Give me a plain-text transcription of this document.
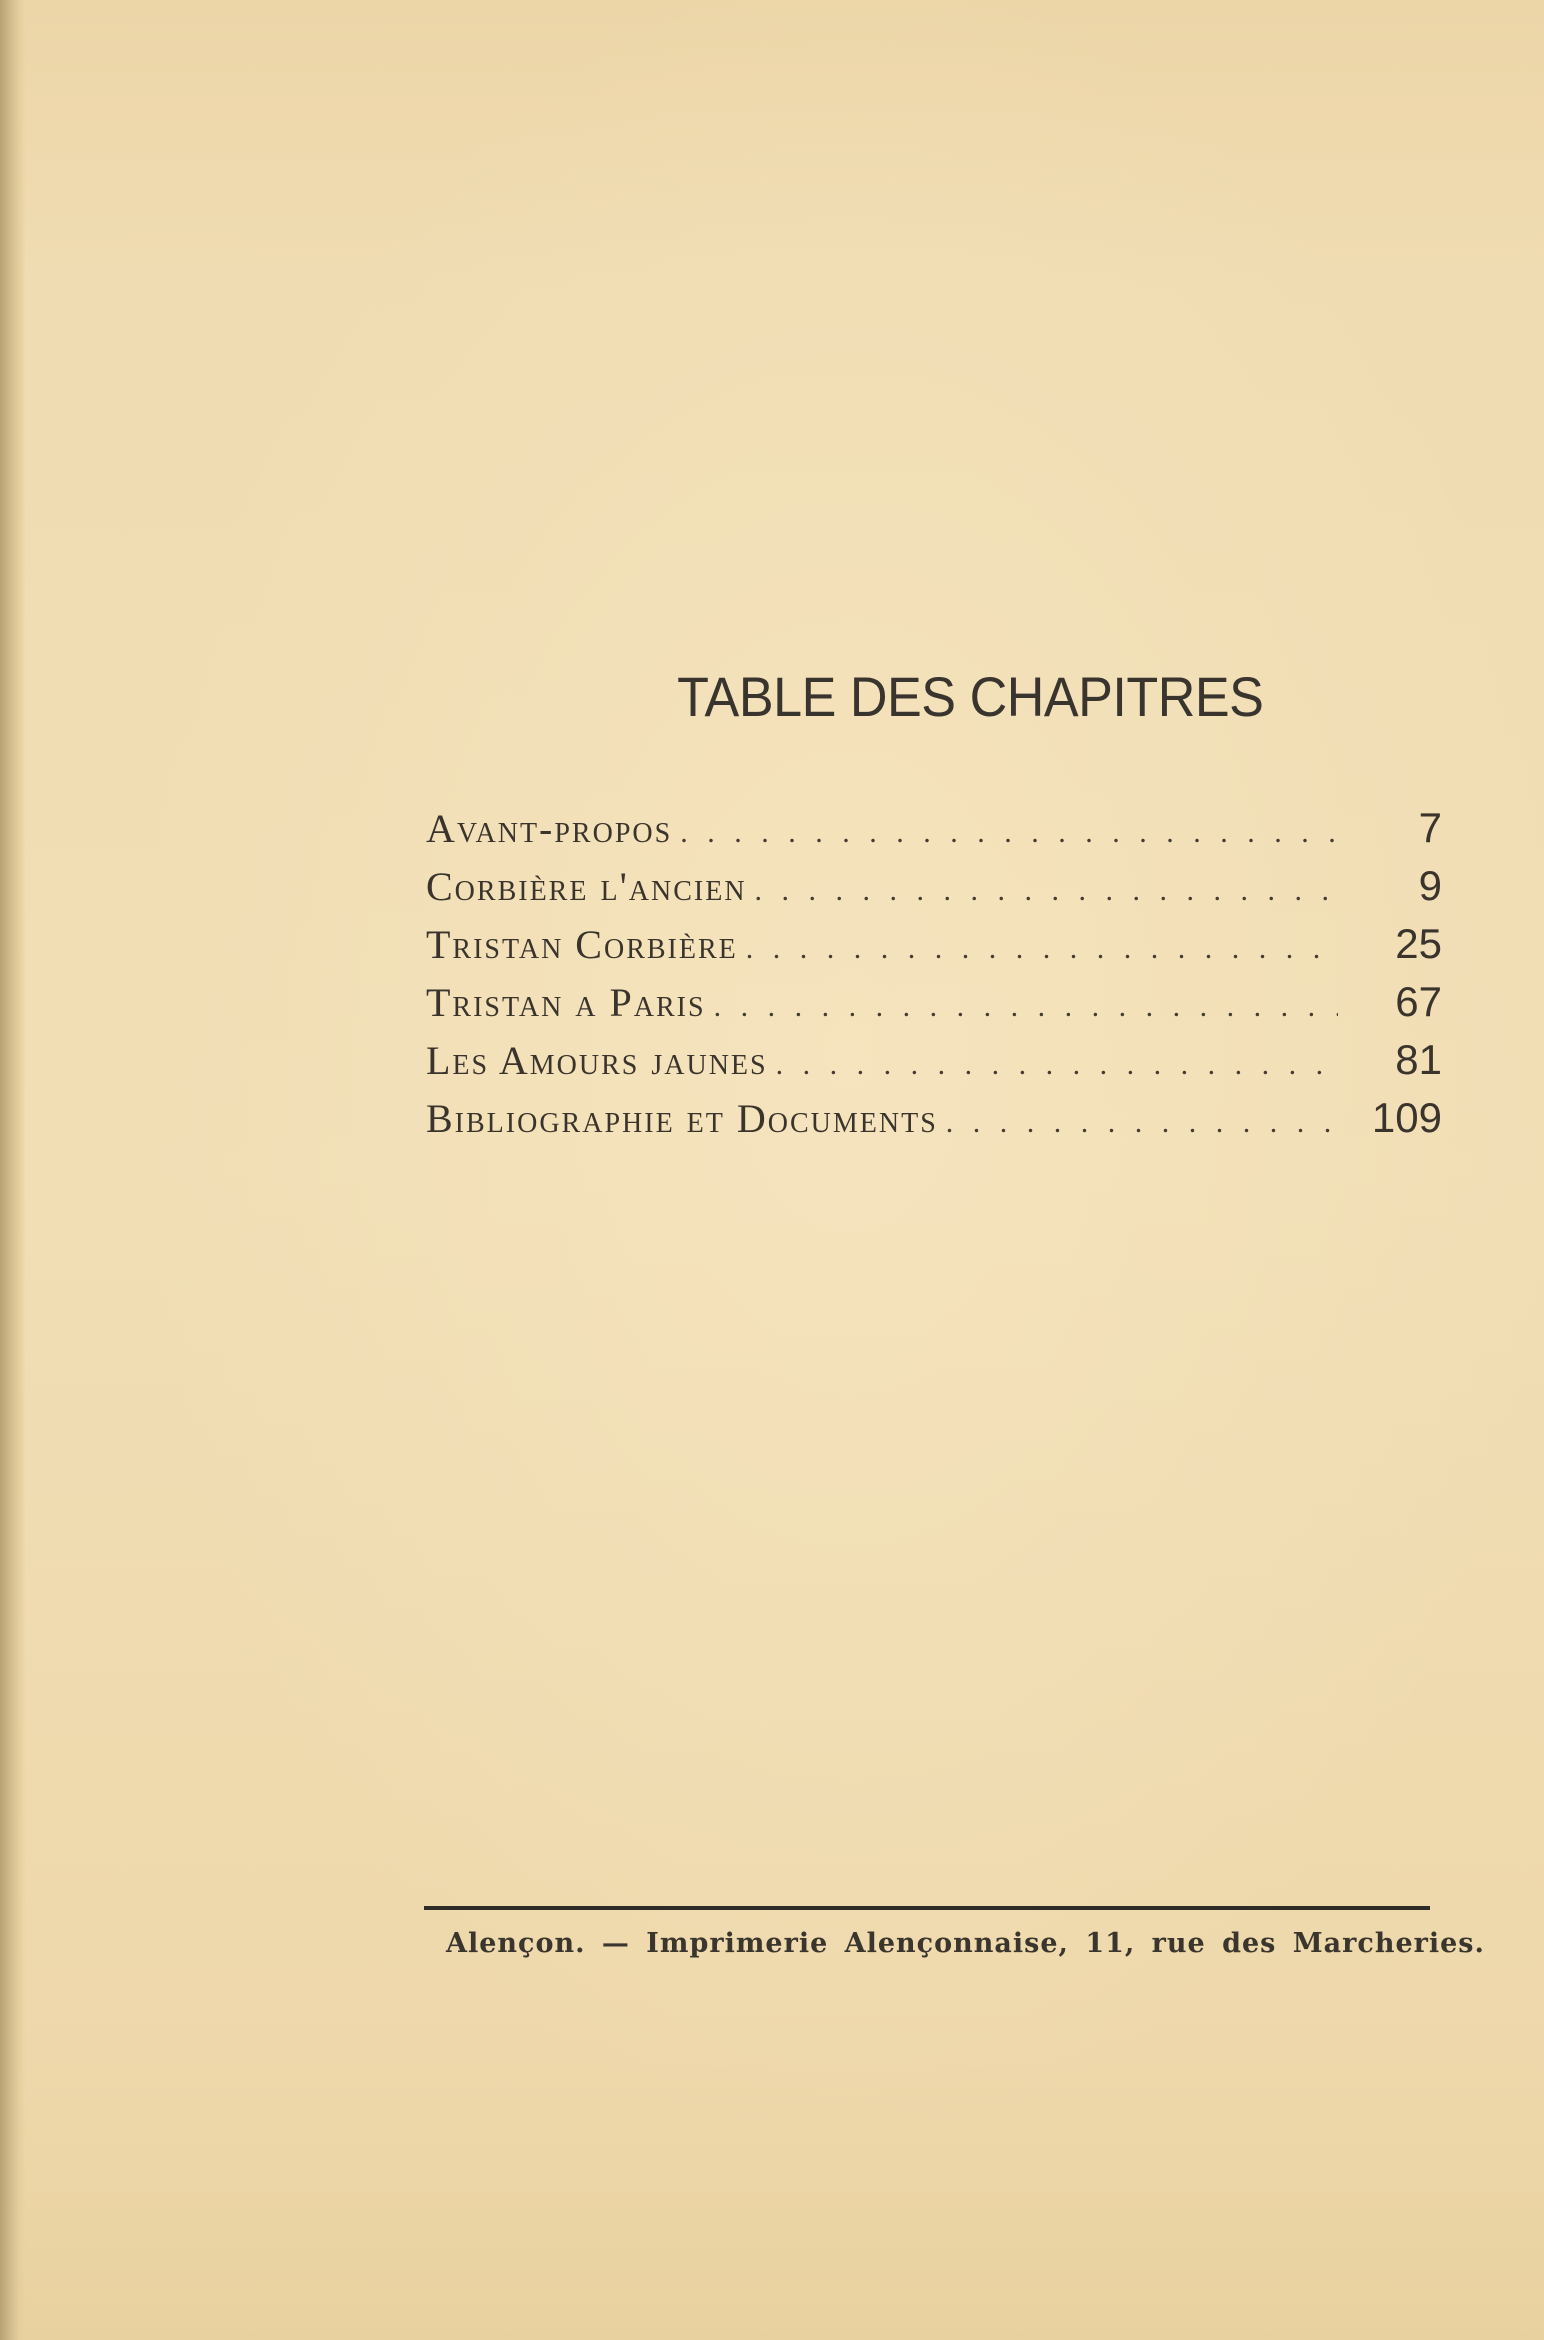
TABLE DES CHAPITRES
Avant-propos . . .	7
Corbière l'ancien . . .	9
Tristan Corbière . . .	25
Tristan a Paris . . .	67
Les Amours jaunes . . .	81
Bibliographie et Documents . . .	109
Alençon. — Imprimerie Alençonnaise, 11, rue des Marcheries.
